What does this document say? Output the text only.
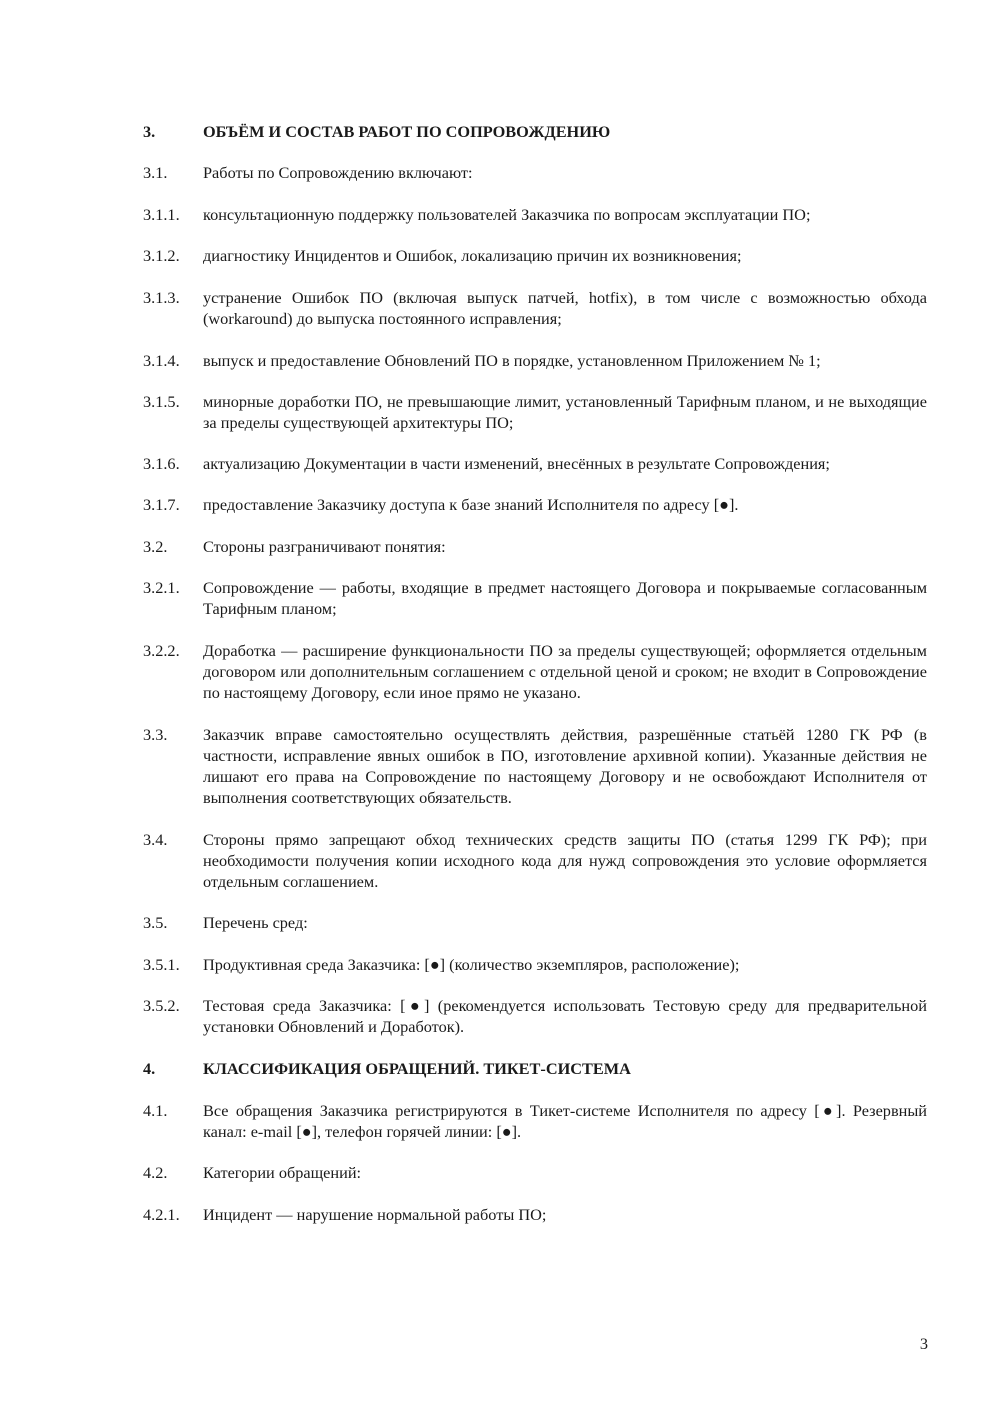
3.	ОБЪЁМ И СОСТАВ РАБОТ ПО СОПРОВОЖДЕНИЮ
3.1.	Работы по Сопровождению включают:
3.1.1.	консультационную поддержку пользователей Заказчика по вопросам эксплуатации ПО;
3.1.2.	диагностику Инцидентов и Ошибок, локализацию причин их возникновения;
3.1.3.	устранение Ошибок ПО (включая выпуск патчей, hotfix), в том числе с возможностью обхода (workaround) до выпуска постоянного исправления;
3.1.4.	выпуск и предоставление Обновлений ПО в порядке, установленном Приложением № 1;
3.1.5.	минорные доработки ПО, не превышающие лимит, установленный Тарифным планом, и не выходящие за пределы существующей архитектуры ПО;
3.1.6.	актуализацию Документации в части изменений, внесённых в результате Сопровождения;
3.1.7.	предоставление Заказчику доступа к базе знаний Исполнителя по адресу [●].
3.2.	Стороны разграничивают понятия:
3.2.1.	Сопровождение — работы, входящие в предмет настоящего Договора и покрываемые согласованным Тарифным планом;
3.2.2.	Доработка — расширение функциональности ПО за пределы существующей; оформляется отдельным договором или дополнительным соглашением с отдельной ценой и сроком; не входит в Сопровождение по настоящему Договору, если иное прямо не указано.
3.3.	Заказчик вправе самостоятельно осуществлять действия, разрешённые статьёй 1280 ГК РФ (в частности, исправление явных ошибок в ПО, изготовление архивной копии). Указанные действия не лишают его права на Сопровождение по настоящему Договору и не освобождают Исполнителя от выполнения соответствующих обязательств.
3.4.	Стороны прямо запрещают обход технических средств защиты ПО (статья 1299 ГК РФ); при необходимости получения копии исходного кода для нужд сопровождения это условие оформляется отдельным соглашением.
3.5.	Перечень сред:
3.5.1.	Продуктивная среда Заказчика: [●] (количество экземпляров, расположение);
3.5.2.	Тестовая среда Заказчика: [●] (рекомендуется использовать Тестовую среду для предварительной установки Обновлений и Доработок).
4.	КЛАССИФИКАЦИЯ ОБРАЩЕНИЙ. ТИКЕТ-СИСТЕМА
4.1.	Все обращения Заказчика регистрируются в Тикет-системе Исполнителя по адресу [●]. Резервный канал: e-mail [●], телефон горячей линии: [●].
4.2.	Категории обращений:
4.2.1.	Инцидент — нарушение нормальной работы ПО;
3
